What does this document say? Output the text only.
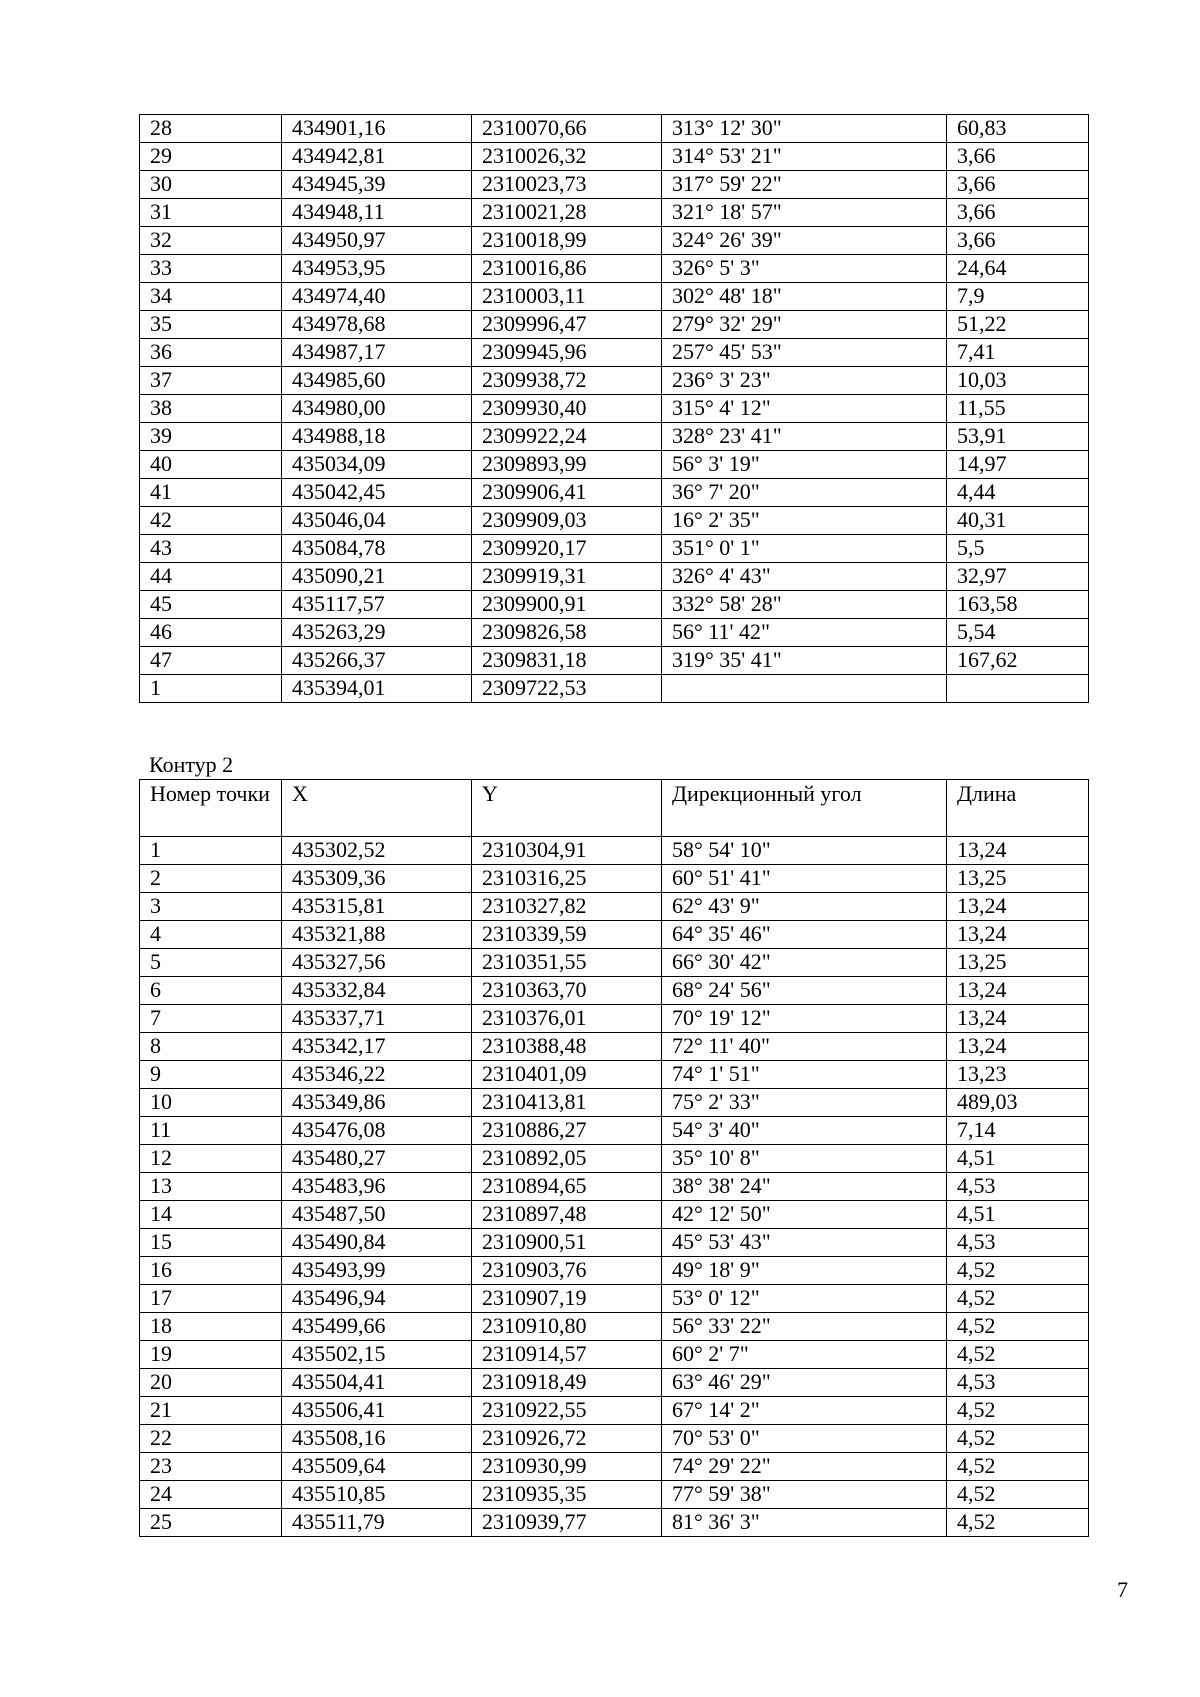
28	434901,16	2310070,66	313° 12' 30"	60,83
29	434942,81	2310026,32	314° 53' 21"	3,66
30	434945,39	2310023,73	317° 59' 22"	3,66
31	434948,11	2310021,28	321° 18' 57"	3,66
32	434950,97	2310018,99	324° 26' 39"	3,66
33	434953,95	2310016,86	326° 5' 3"	24,64
34	434974,40	2310003,11	302° 48' 18"	7,9
35	434978,68	2309996,47	279° 32' 29"	51,22
36	434987,17	2309945,96	257° 45' 53"	7,41
37	434985,60	2309938,72	236° 3' 23"	10,03
38	434980,00	2309930,40	315° 4' 12"	11,55
39	434988,18	2309922,24	328° 23' 41"	53,91
40	435034,09	2309893,99	56° 3' 19"	14,97
41	435042,45	2309906,41	36° 7' 20"	4,44
42	435046,04	2309909,03	16° 2' 35"	40,31
43	435084,78	2309920,17	351° 0' 1"	5,5
44	435090,21	2309919,31	326° 4' 43"	32,97
45	435117,57	2309900,91	332° 58' 28"	163,58
46	435263,29	2309826,58	56° 11' 42"	5,54
47	435266,37	2309831,18	319° 35' 41"	167,62
1	435394,01	2309722,53		
Контур 2
Номер точки	X	Y	Дирекционный угол	Длина
1	435302,52	2310304,91	58° 54' 10"	13,24
2	435309,36	2310316,25	60° 51' 41"	13,25
3	435315,81	2310327,82	62° 43' 9"	13,24
4	435321,88	2310339,59	64° 35' 46"	13,24
5	435327,56	2310351,55	66° 30' 42"	13,25
6	435332,84	2310363,70	68° 24' 56"	13,24
7	435337,71	2310376,01	70° 19' 12"	13,24
8	435342,17	2310388,48	72° 11' 40"	13,24
9	435346,22	2310401,09	74° 1' 51"	13,23
10	435349,86	2310413,81	75° 2' 33"	489,03
11	435476,08	2310886,27	54° 3' 40"	7,14
12	435480,27	2310892,05	35° 10' 8"	4,51
13	435483,96	2310894,65	38° 38' 24"	4,53
14	435487,50	2310897,48	42° 12' 50"	4,51
15	435490,84	2310900,51	45° 53' 43"	4,53
16	435493,99	2310903,76	49° 18' 9"	4,52
17	435496,94	2310907,19	53° 0' 12"	4,52
18	435499,66	2310910,80	56° 33' 22"	4,52
19	435502,15	2310914,57	60° 2' 7"	4,52
20	435504,41	2310918,49	63° 46' 29"	4,53
21	435506,41	2310922,55	67° 14' 2"	4,52
22	435508,16	2310926,72	70° 53' 0"	4,52
23	435509,64	2310930,99	74° 29' 22"	4,52
24	435510,85	2310935,35	77° 59' 38"	4,52
25	435511,79	2310939,77	81° 36' 3"	4,52
7
